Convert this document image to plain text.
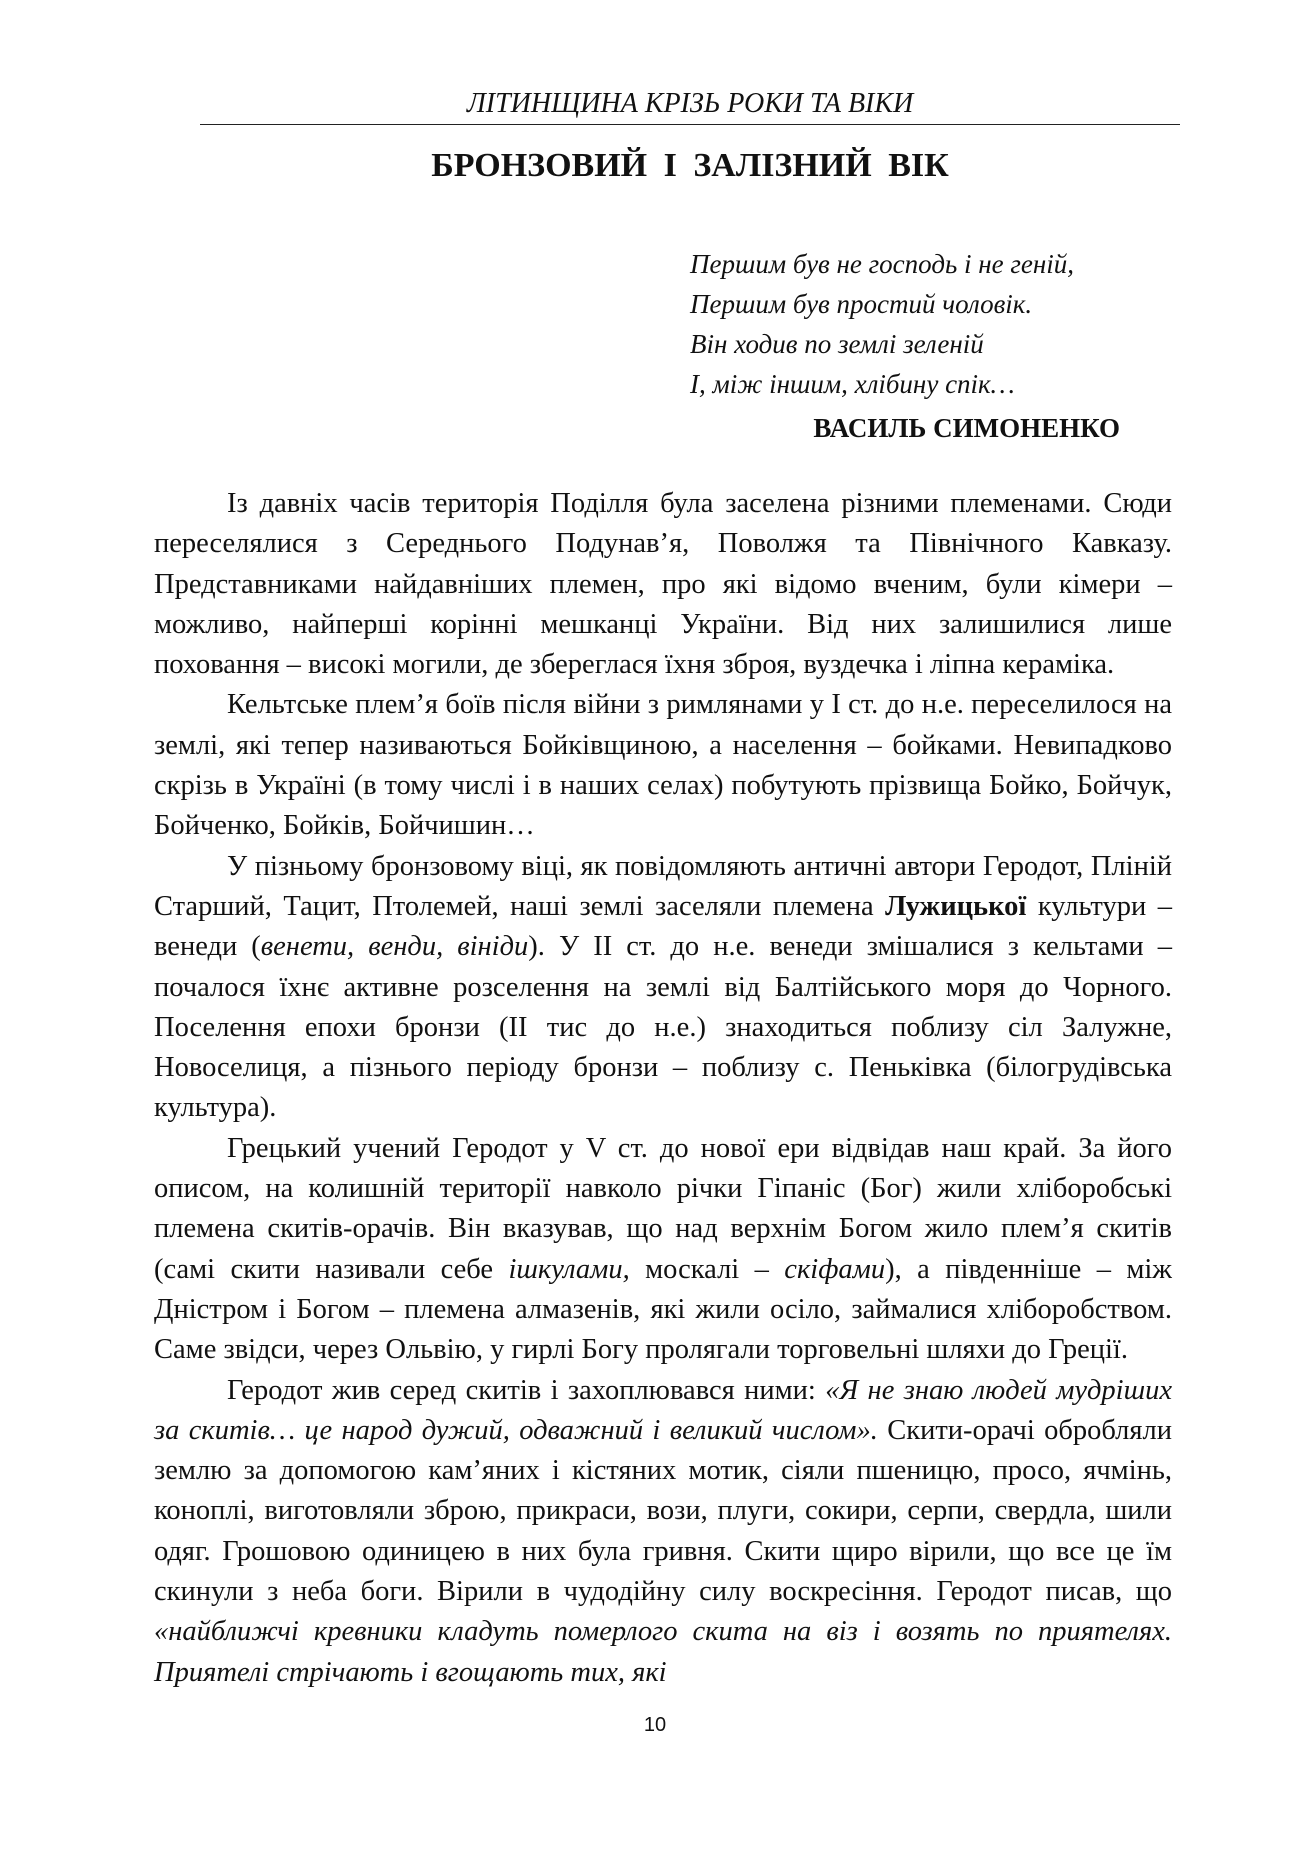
ЛІТИНЩИНА КРІЗЬ РОКИ ТА ВІКИ
БРОНЗОВИЙ І ЗАЛІЗНИЙ ВІК
Першим був не господь і не геній,
Першим був простий чоловік.
Він ходив по землі зеленій
І, між іншим, хлібину спік…
ВАСИЛЬ СИМОНЕНКО

Із давніх часів територія Поділля була заселена різними племенами. Сюди переселялися з Середнього Подунав’я, Поволжя та Північного Кавказу. Представниками найдавніших племен, про які відомо вченим, були кімери – можливо, найперші корінні мешканці України. Від них залишилися лише поховання – високі могили, де збереглася їхня зброя, вуздечка і ліпна кераміка.

Кельтське плем’я боїв після війни з римлянами у І ст. до н.е. переселилося на землі, які тепер називаються Бойківщиною, а населення – бойками. Невипадково скрізь в Україні (в тому числі і в наших селах) побутують прізвища Бойко, Бойчук, Бойченко, Бойків, Бойчишин…

У пізньому бронзовому віці, як повідомляють античні автори Геродот, Пліній Старший, Тацит, Птолемей, наші землі заселяли племена Лужицької культури – венеди (венети, венди, вініди). У ІІ ст. до н.е. венеди змішалися з кельтами – почалося їхнє активне розселення на землі від Балтійського моря до Чорного. Поселення епохи бронзи (ІІ тис до н.е.) знаходиться поблизу сіл Залужне, Новоселиця, а пізнього періоду бронзи – поблизу с. Пеньківка (білогрудівська культура).

Грецький учений Геродот у V ст. до нової ери відвідав наш край. За його описом, на колишній території навколо річки Гіпаніс (Бог) жили хліборобські племена скитів-орачів. Він вказував, що над верхнім Богом жило плем’я скитів (самі скити називали себе ішкулами, москалі – скіфами), а південніше – між Дністром і Богом – племена алмазенів, які жили осіло, займалися хліборобством. Саме звідси, через Ольвію, у гирлі Богу пролягали торговельні шляхи до Греції.

Геродот жив серед скитів і захоплювався ними: «Я не знаю людей мудріших за скитів… це народ дужий, одважний і великий числом». Скити-орачі обробляли землю за допомогою кам’яних і кістяних мотик, сіяли пшеницю, просо, ячмінь, коноплі, виготовляли зброю, прикраси, вози, плуги, сокири, серпи, свердла, шили одяг. Грошовою одиницею в них була гривня. Скити щиро вірили, що все це їм скинули з неба боги. Вірили в чудодійну силу воскресіння. Геродот писав, що «найближчі кревники кладуть померлого скита на віз і возять по приятелях. Приятелі стрічають і вгощають тих, які

10
